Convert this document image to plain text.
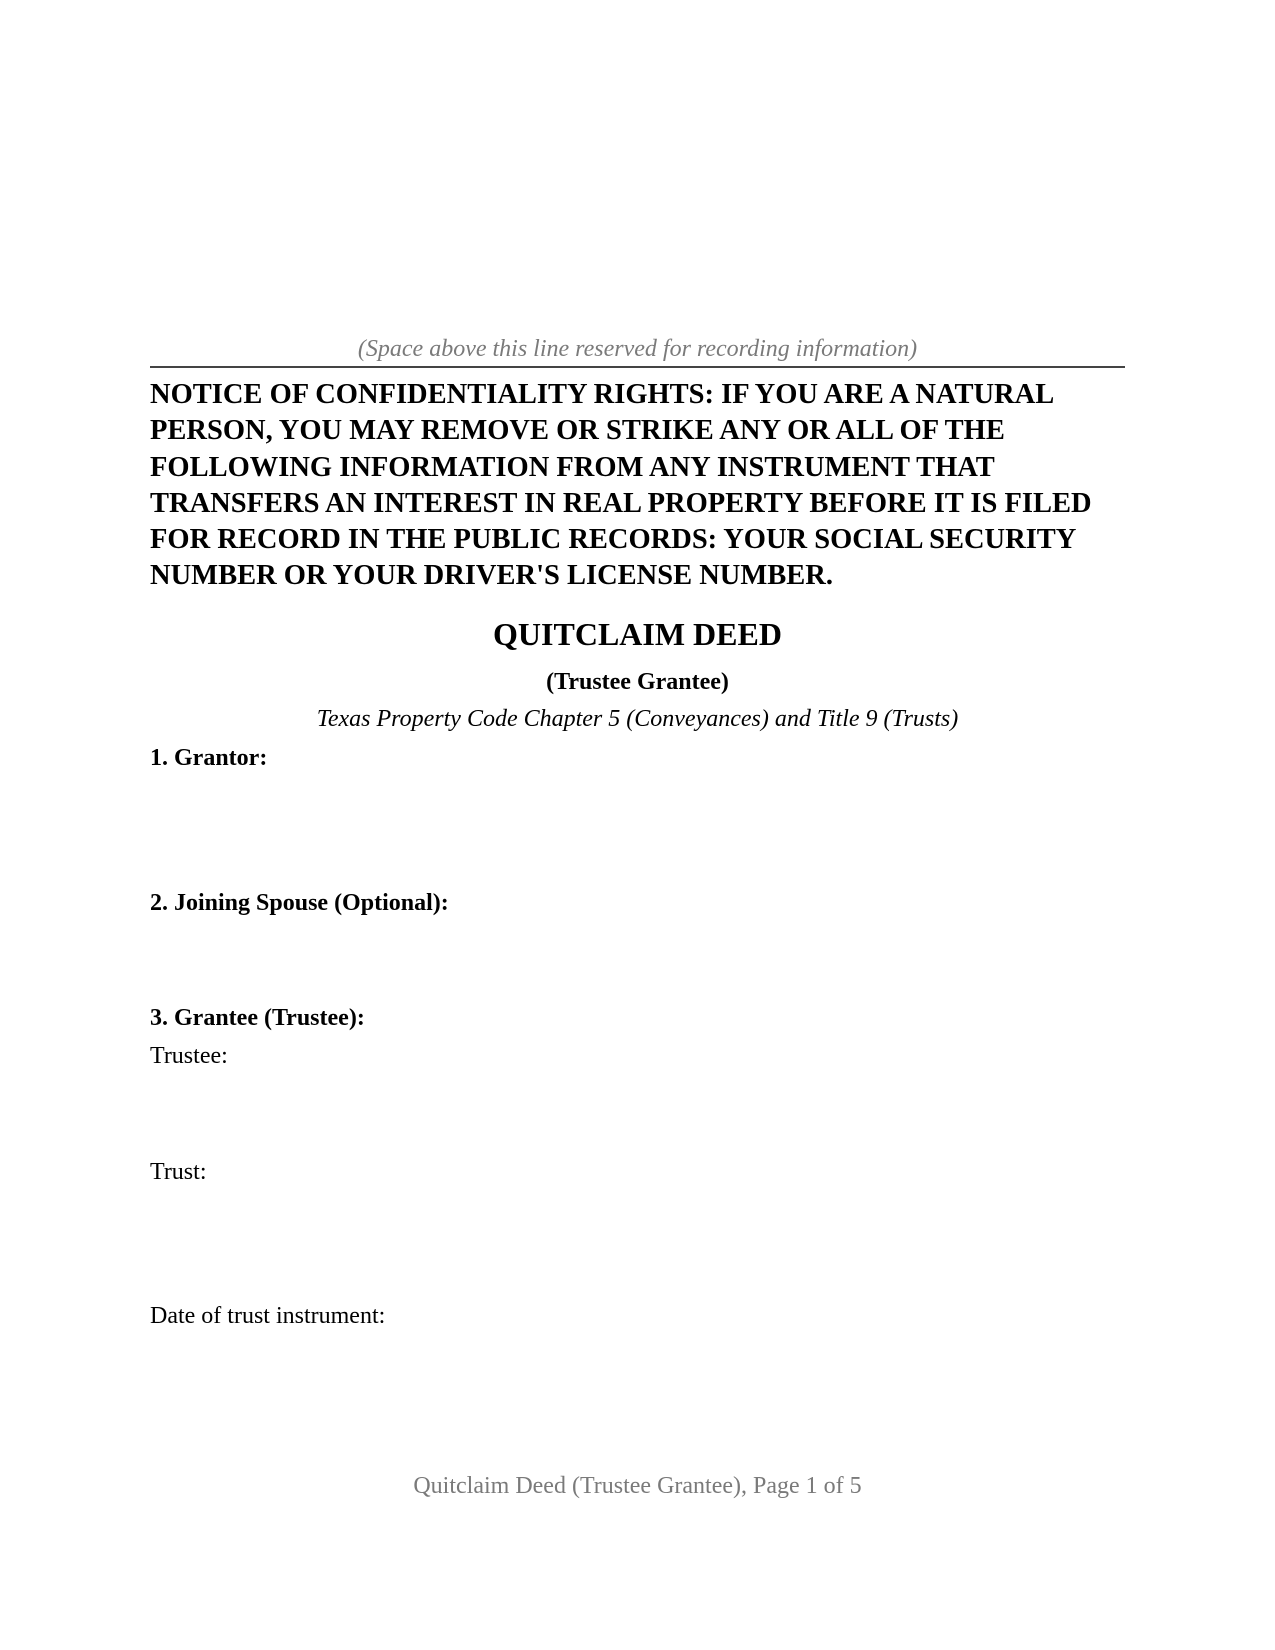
(Space above this line reserved for recording information)
NOTICE OF CONFIDENTIALITY RIGHTS: IF YOU ARE A NATURAL PERSON, YOU MAY REMOVE OR STRIKE ANY OR ALL OF THE FOLLOWING INFORMATION FROM ANY INSTRUMENT THAT TRANSFERS AN INTEREST IN REAL PROPERTY BEFORE IT IS FILED FOR RECORD IN THE PUBLIC RECORDS: YOUR SOCIAL SECURITY NUMBER OR YOUR DRIVER'S LICENSE NUMBER.
QUITCLAIM DEED
(Trustee Grantee)
Texas Property Code Chapter 5 (Conveyances) and Title 9 (Trusts)
1. Grantor:
2. Joining Spouse (Optional):
3. Grantee (Trustee):
Trustee:
Trust:
Date of trust instrument:
Quitclaim Deed (Trustee Grantee), Page 1 of 5
